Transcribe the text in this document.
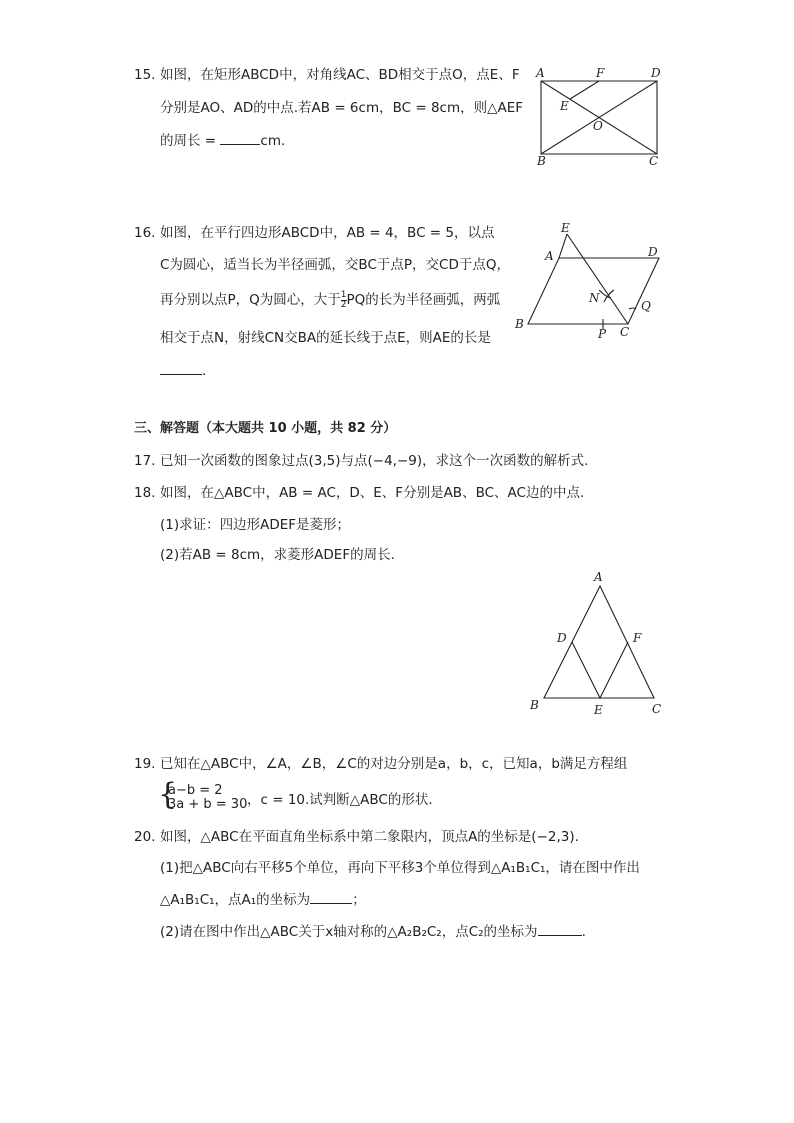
15. 如图，在矩形ABCD中，对角线AC、BD相交于点O，点E、F
分别是AO、AD的中点.若AB = 6cm，BC = 8cm，则△AEF
的周长 =	cm.
A	F	D
E
O
B	C
16. 如图，在平行四边形ABCD中，AB = 4，BC = 5，以点
C为圆心，适当长为半径画弧，交BC于点P，交CD于点Q，
再分别以点P，Q为圆心，大于 $\frac{1}{2}$ PQ的长为半径画弧，两弧
相交于点N，射线CN交BA的延长线于点E，则AE的长是
.
E
A	D
N
Q
B
P C
三、解答题（本大题共 10 小题，共 82 分）
17. 已知一次函数的图象过点(3,5)与点(−4,−9)，求这个一次函数的解析式.
18. 如图，在△ABC中，AB = AC，D、E、F分别是AB、BC、AC边的中点.
(1)求证：四边形ADEF是菱形；
(2)若AB = 8cm，求菱形ADEF的周长.
A
D	F
B	E	C
19. 已知在△ABC中，∠A，∠B，∠C的对边分别是a，b，c，已知a，b满足方程组
{
a−b = 2
3a + b = 30 ，c = 10.试判断△ABC的形状.
20. 如图，△ABC在平面直角坐标系中第二象限内，顶点A的坐标是(−2,3).
(1)把△ABC向右平移5个单位，再向下平移3个单位得到△A₁B₁C₁，请在图中作出
△A₁B₁C₁，点A₁的坐标为	；
(2)请在图中作出△ABC关于x轴对称的△A₂B₂C₂，点C₂的坐标为	.
